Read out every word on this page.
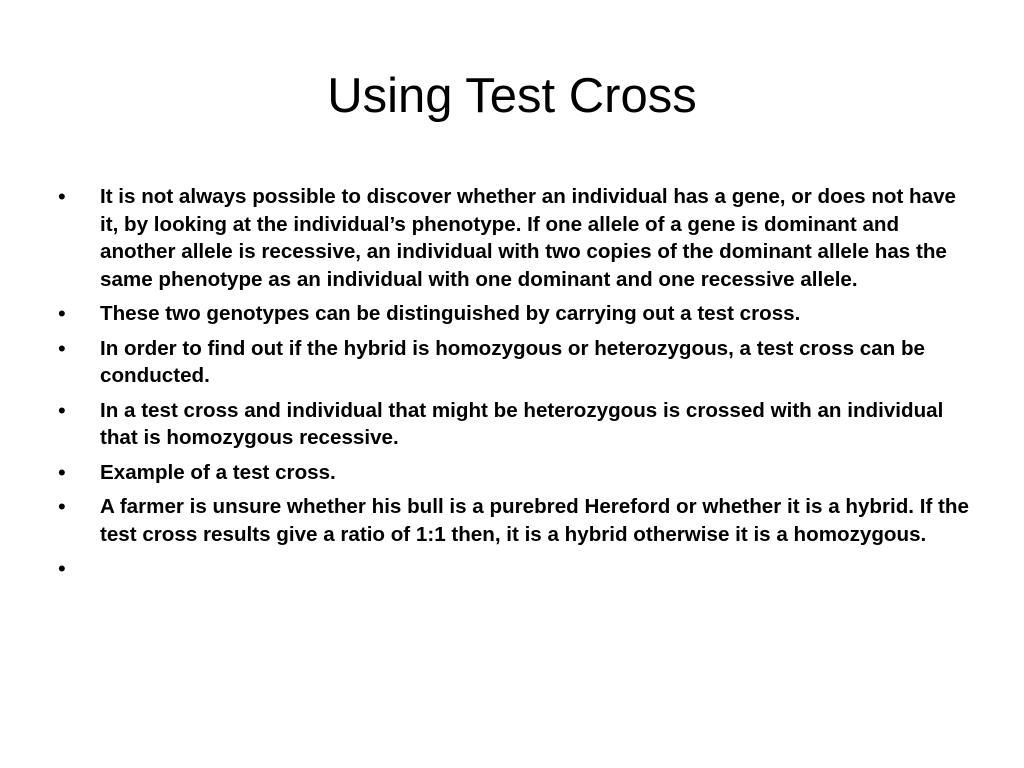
Using Test Cross
•	It is not always possible to discover whether an individual has a gene, or does not have it, by looking at the individual’s phenotype. If one allele of a gene is dominant and another allele is recessive, an individual with two copies of the dominant allele has the same phenotype as an individual with one dominant and one recessive allele.
•	These two genotypes can be distinguished by carrying out a test cross.
•	In order to find out if the hybrid is homozygous or heterozygous, a test cross can be conducted.
•	In a test cross and individual that might be heterozygous is crossed with an individual that is homozygous recessive.
•	Example of a test cross.
•	A farmer is unsure whether his bull is a purebred Hereford or whether it is a hybrid. If the test cross results give a ratio of 1:1 then, it is a hybrid otherwise it is a homozygous.
•
